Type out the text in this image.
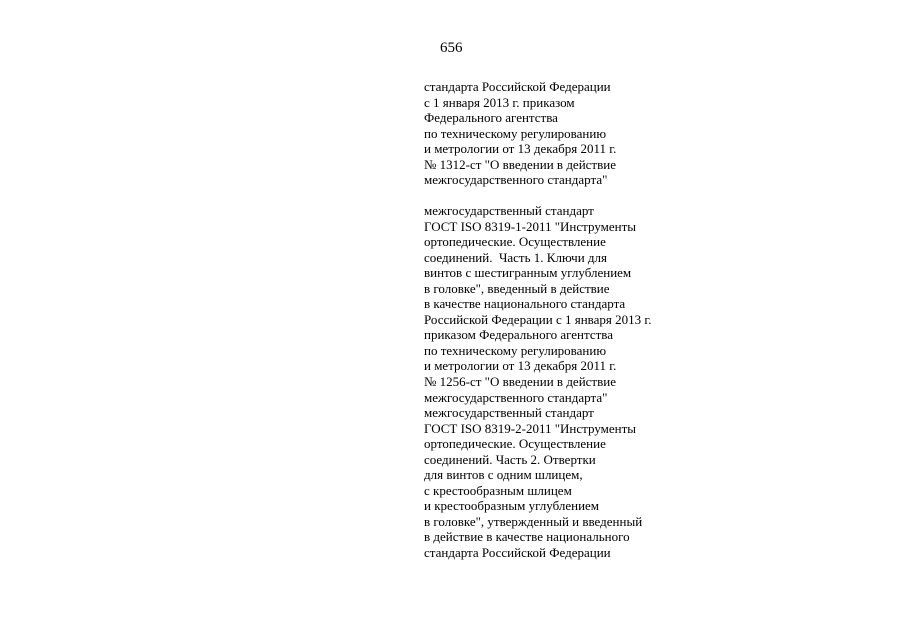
656
стандарта Российской Федерации
с 1 января 2013 г. приказом
Федерального агентства
по техническому регулированию
и метрологии от 13 декабря 2011 г.
№ 1312-ст "О введении в действие
межгосударственного стандарта"
межгосударственный стандарт
ГОСТ ISO 8319-1-2011 "Инструменты
ортопедические. Осуществление
соединений.  Часть 1. Ключи для
винтов с шестигранным углублением
в головке", введенный в действие
в качестве национального стандарта
Российской Федерации с 1 января 2013 г.
приказом Федерального агентства
по техническому регулированию
и метрологии от 13 декабря 2011 г.
№ 1256-ст "О введении в действие
межгосударственного стандарта"
межгосударственный стандарт
ГОСТ ISO 8319-2-2011 "Инструменты
ортопедические. Осуществление
соединений. Часть 2. Отвертки
для винтов с одним шлицем,
с крестообразным шлицем
и крестообразным углублением
в головке", утвержденный и введенный
в действие в качестве национального
стандарта Российской Федерации
